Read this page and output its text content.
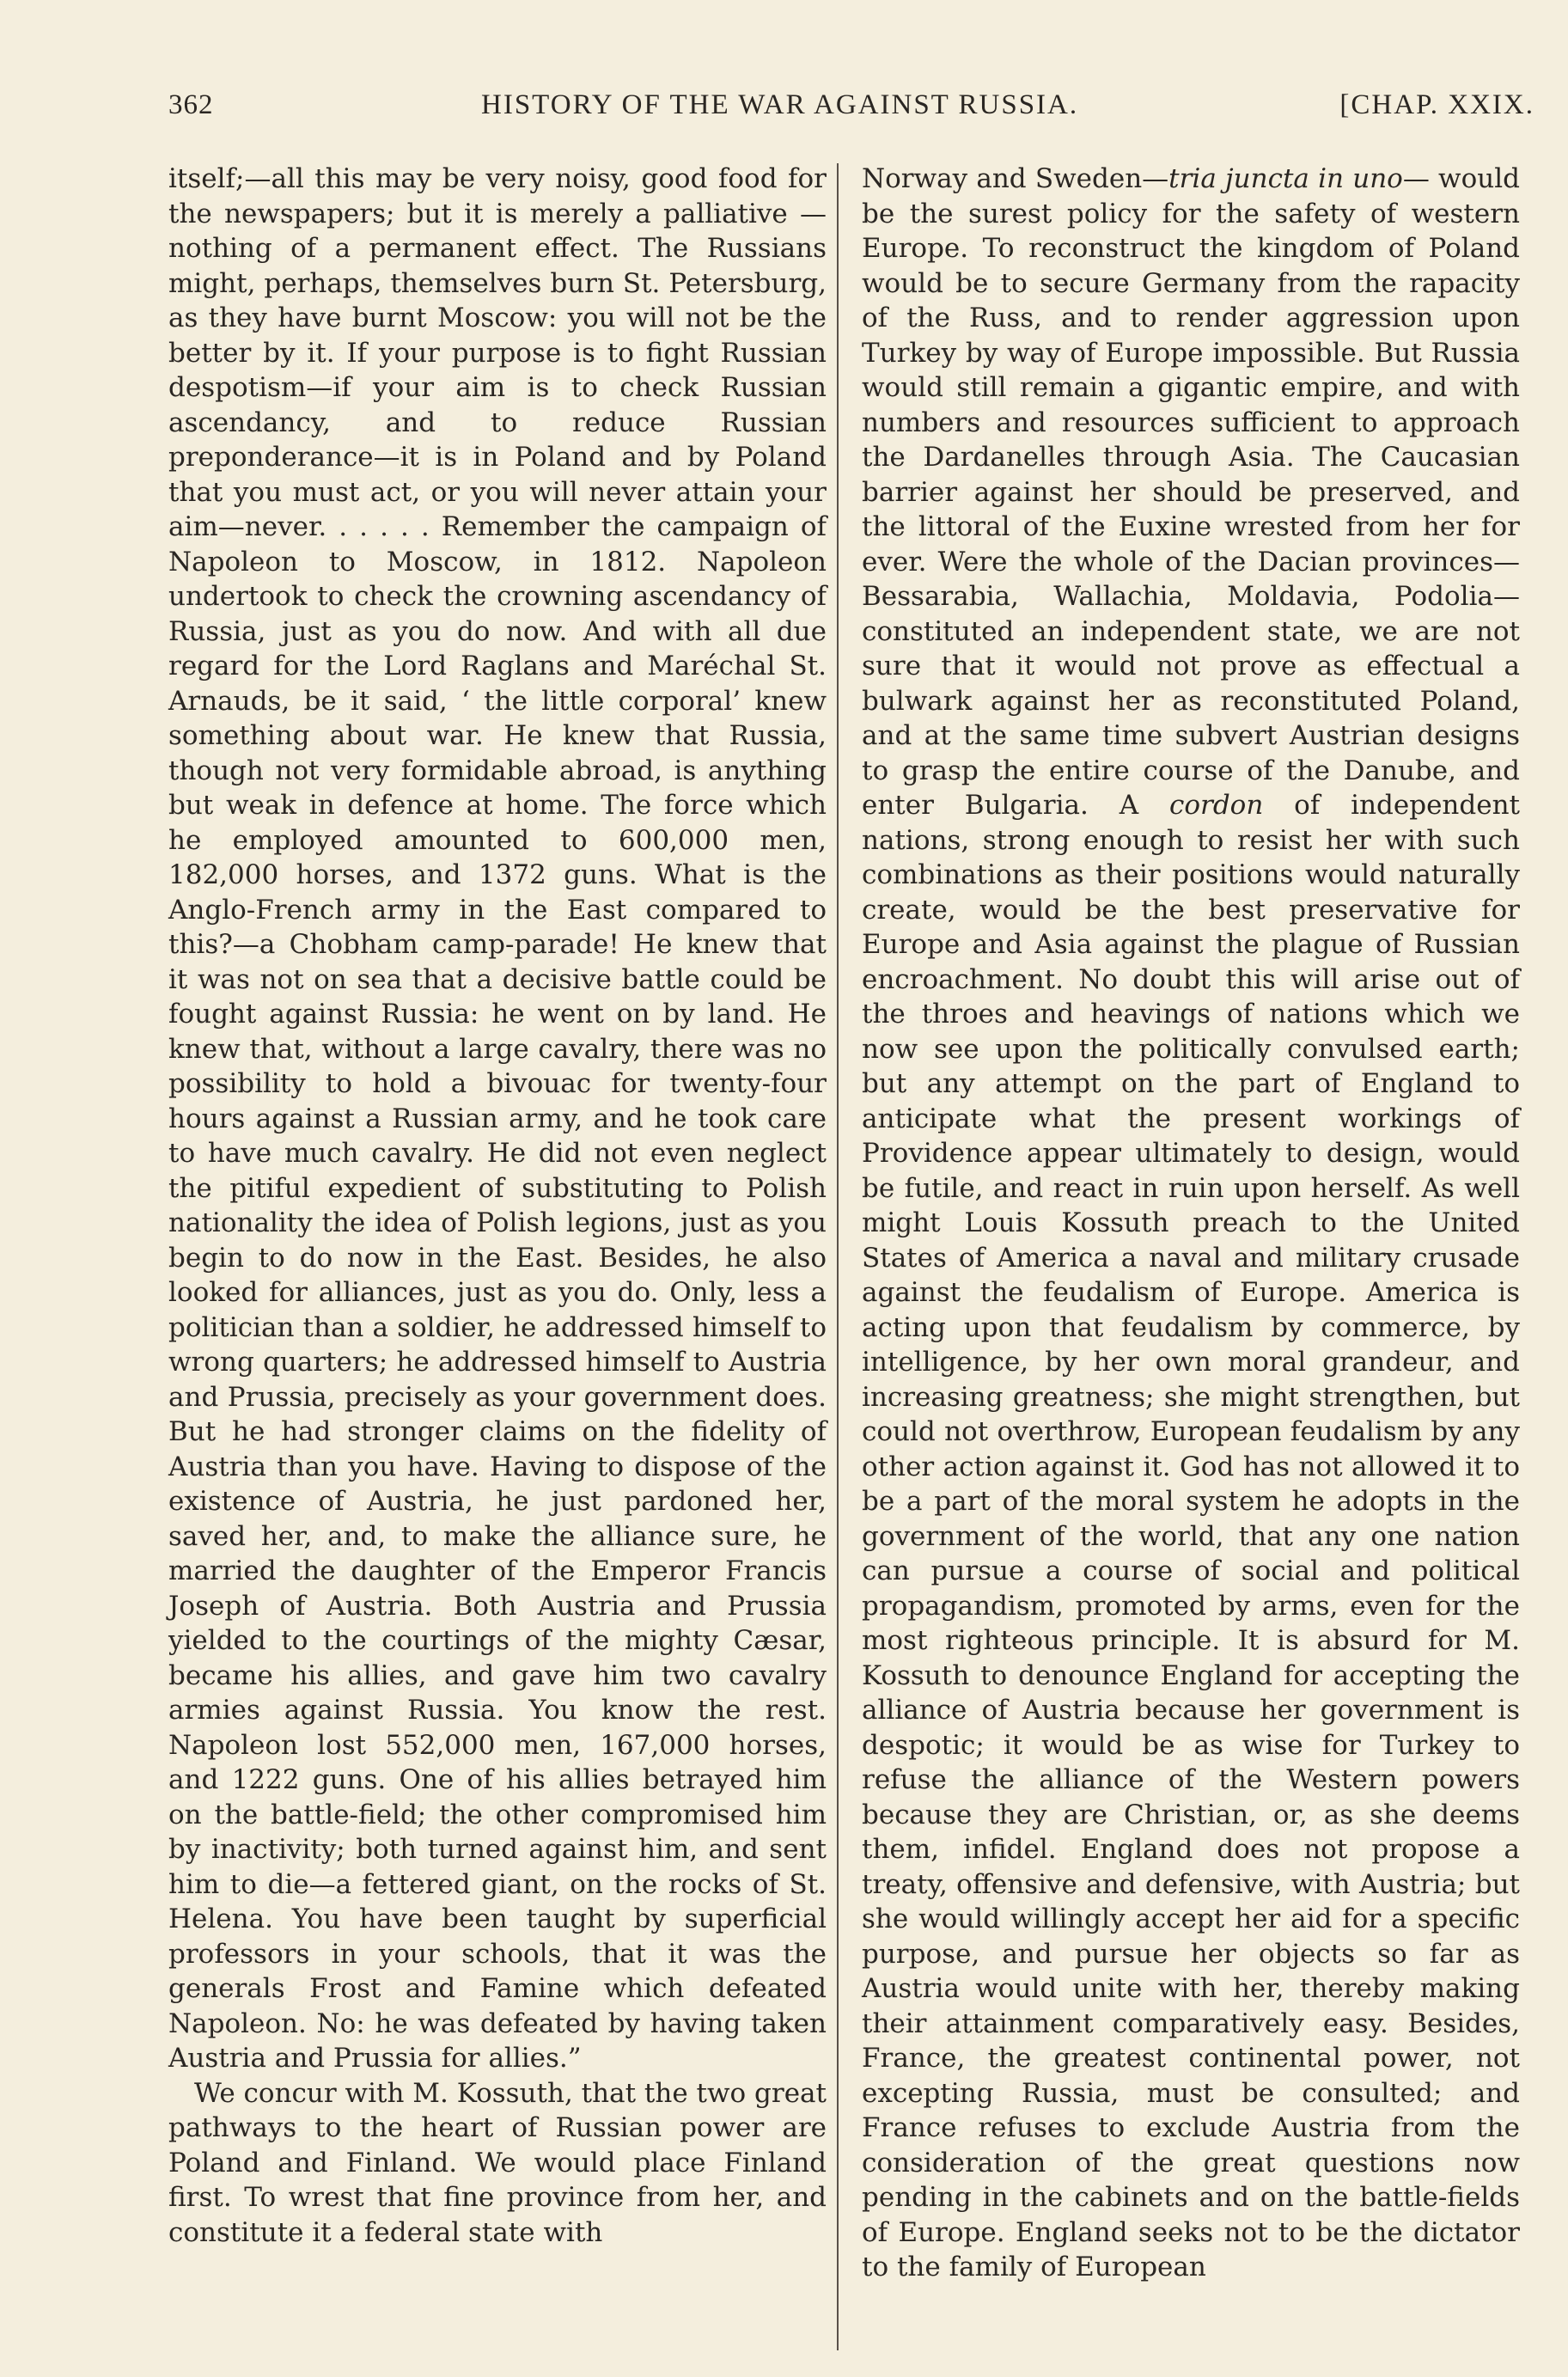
362	HISTORY OF THE WAR AGAINST RUSSIA.	[CHAP. XXIX.

itself;—all this may be very noisy, good food for the newspapers; but it is merely a palliative — nothing of a permanent effect. The Russians might, perhaps, themselves burn St. Petersburg, as they have burnt Moscow: you will not be the better by it. If your purpose is to fight Russian despotism—if your aim is to check Russian ascendancy, and to reduce Russian preponderance—it is in Poland and by Poland that you must act, or you will never attain your aim—never. . . . . . Remember the campaign of Napoleon to Moscow, in 1812. Napoleon undertook to check the crowning ascendancy of Russia, just as you do now. And with all due regard for the Lord Raglans and Maréchal St. Arnauds, be it said, ‘ the little corporal’ knew something about war. He knew that Russia, though not very formidable abroad, is anything but weak in defence at home. The force which he employed amounted to 600,000 men, 182,000 horses, and 1372 guns. What is the Anglo-French army in the East compared to this?—a Chobham camp-parade! He knew that it was not on sea that a decisive battle could be fought against Russia: he went on by land. He knew that, without a large cavalry, there was no possibility to hold a bivouac for twenty-four hours against a Russian army, and he took care to have much cavalry. He did not even neglect the pitiful expedient of substituting to Polish nationality the idea of Polish legions, just as you begin to do now in the East. Besides, he also looked for alliances, just as you do. Only, less a politician than a soldier, he addressed himself to wrong quarters; he addressed himself to Austria and Prussia, precisely as your government does. But he had stronger claims on the fidelity of Austria than you have. Having to dispose of the existence of Austria, he just pardoned her, saved her, and, to make the alliance sure, he married the daughter of the Emperor Francis Joseph of Austria. Both Austria and Prussia yielded to the courtings of the mighty Cæsar, became his allies, and gave him two cavalry armies against Russia. You know the rest. Napoleon lost 552,000 men, 167,000 horses, and 1222 guns. One of his allies betrayed him on the battle-field; the other compromised him by inactivity; both turned against him, and sent him to die—a fettered giant, on the rocks of St. Helena. You have been taught by superficial professors in your schools, that it was the generals Frost and Famine which defeated Napoleon. No: he was defeated by having taken Austria and Prussia for allies.”

We concur with M. Kossuth, that the two great pathways to the heart of Russian power are Poland and Finland. We would place Finland first. To wrest that fine province from her, and constitute it a federal state with

Norway and Sweden—tria juncta in uno— would be the surest policy for the safety of western Europe. To reconstruct the kingdom of Poland would be to secure Germany from the rapacity of the Russ, and to render aggression upon Turkey by way of Europe impossible. But Russia would still remain a gigantic empire, and with numbers and resources sufficient to approach the Dardanelles through Asia. The Caucasian barrier against her should be preserved, and the littoral of the Euxine wrested from her for ever. Were the whole of the Dacian provinces—Bessarabia, Wallachia, Moldavia, Podolia—constituted an independent state, we are not sure that it would not prove as effectual a bulwark against her as reconstituted Poland, and at the same time subvert Austrian designs to grasp the entire course of the Danube, and enter Bulgaria. A cordon of independent nations, strong enough to resist her with such combinations as their positions would naturally create, would be the best preservative for Europe and Asia against the plague of Russian encroachment. No doubt this will arise out of the throes and heavings of nations which we now see upon the politically convulsed earth; but any attempt on the part of England to anticipate what the present workings of Providence appear ultimately to design, would be futile, and react in ruin upon herself. As well might Louis Kossuth preach to the United States of America a naval and military crusade against the feudalism of Europe. America is acting upon that feudalism by commerce, by intelligence, by her own moral grandeur, and increasing greatness; she might strengthen, but could not overthrow, European feudalism by any other action against it. God has not allowed it to be a part of the moral system he adopts in the government of the world, that any one nation can pursue a course of social and political propagandism, promoted by arms, even for the most righteous principle. It is absurd for M. Kossuth to denounce England for accepting the alliance of Austria because her government is despotic; it would be as wise for Turkey to refuse the alliance of the Western powers because they are Christian, or, as she deems them, infidel. England does not propose a treaty, offensive and defensive, with Austria; but she would willingly accept her aid for a specific purpose, and pursue her objects so far as Austria would unite with her, thereby making their attainment comparatively easy. Besides, France, the greatest continental power, not excepting Russia, must be consulted; and France refuses to exclude Austria from the consideration of the great questions now pending in the cabinets and on the battle-fields of Europe. England seeks not to be the dictator to the family of European
